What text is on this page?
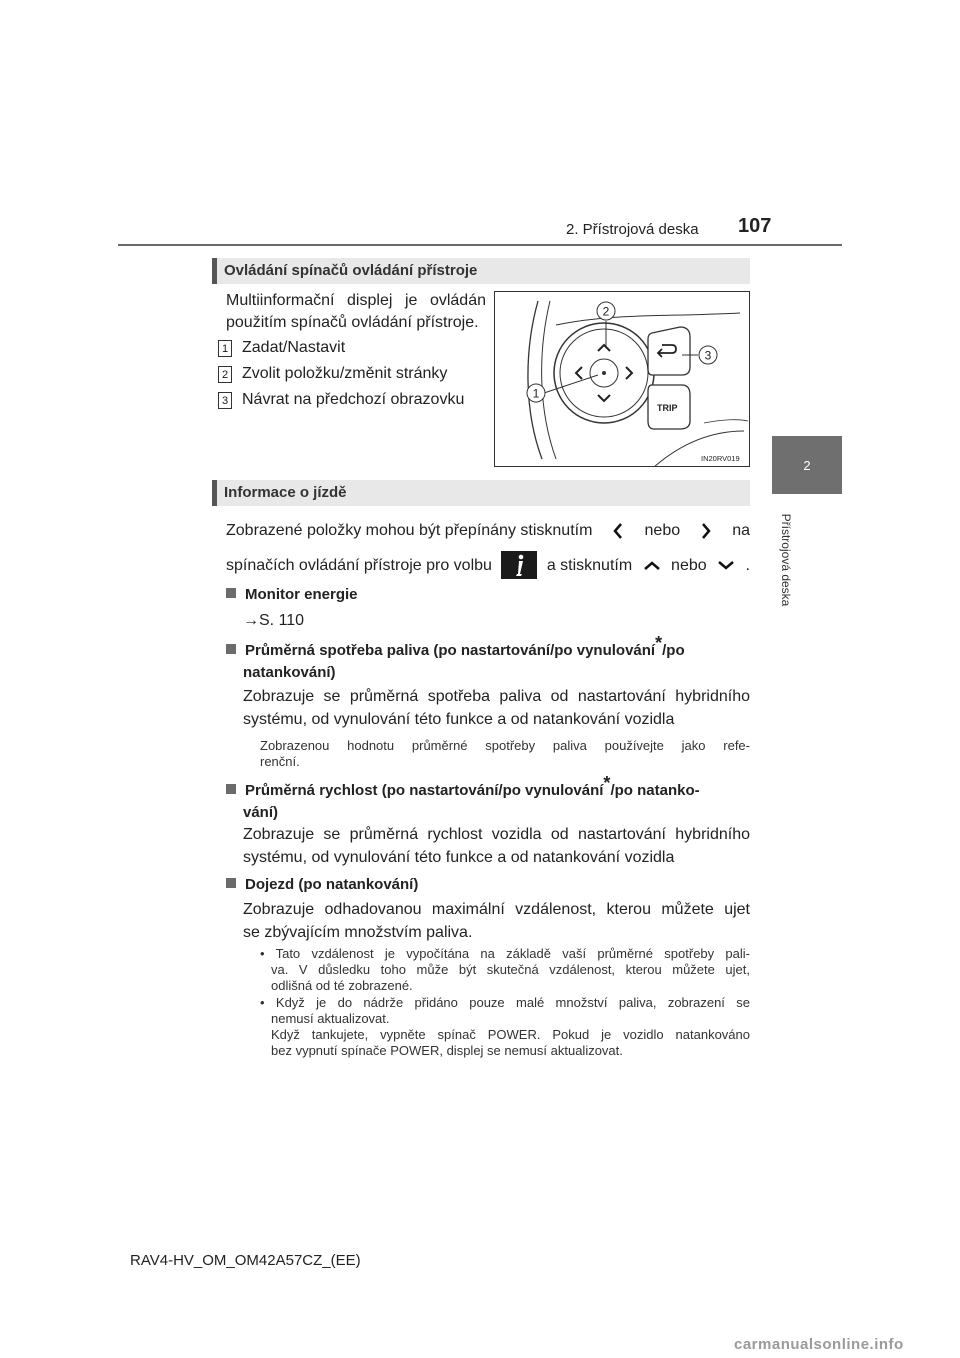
2. Přístrojová deska 107
2
Přístrojová deska
Ovládání spínačů ovládání přístroje
Multiinformační displej je ovládán
použitím spínačů ovládání přístroje.
1 Zadat/Nastavit
2 Zvolit položku/změnit stránky
3 Návrat na předchozí obrazovku	TRIP
2
3
1
IN20RV019
Informace o jízdě
Zobrazené položky mohou být přepínány stisknutím	nebo	na
spínačích ovládání přístroje pro volbu	a stisknutím nebo .
Monitor energie
→S. 110
Průměrná spotřeba paliva (po nastartování/po vynulování*/po
natankování)
Zobrazuje se průměrná spotřeba paliva od nastartování hybridního
systému, od vynulování této funkce a od natankování vozidla
Zobrazenou hodnotu průměrné spotřeby paliva používejte jako refe-
renční.
Průměrná rychlost (po nastartování/po vynulování*/po natanko-
vání)
Zobrazuje se průměrná rychlost vozidla od nastartování hybridního
systému, od vynulování této funkce a od natankování vozidla
Dojezd (po natankování)
Zobrazuje odhadovanou maximální vzdálenost, kterou můžete ujet
se zbývajícím množstvím paliva.
• Tato vzdálenost je vypočítána na základě vaší průměrné spotřeby pali-
va. V důsledku toho může být skutečná vzdálenost, kterou můžete ujet,
odlišná od té zobrazené.
• Když je do nádrže přidáno pouze malé množství paliva, zobrazení se
nemusí aktualizovat.
Když tankujete, vypněte spínač POWER. Pokud je vozidlo natankováno
bez vypnutí spínače POWER, displej se nemusí aktualizovat.
RAV4-HV_OM_OM42A57CZ_(EE)
carmanualsonline.info
